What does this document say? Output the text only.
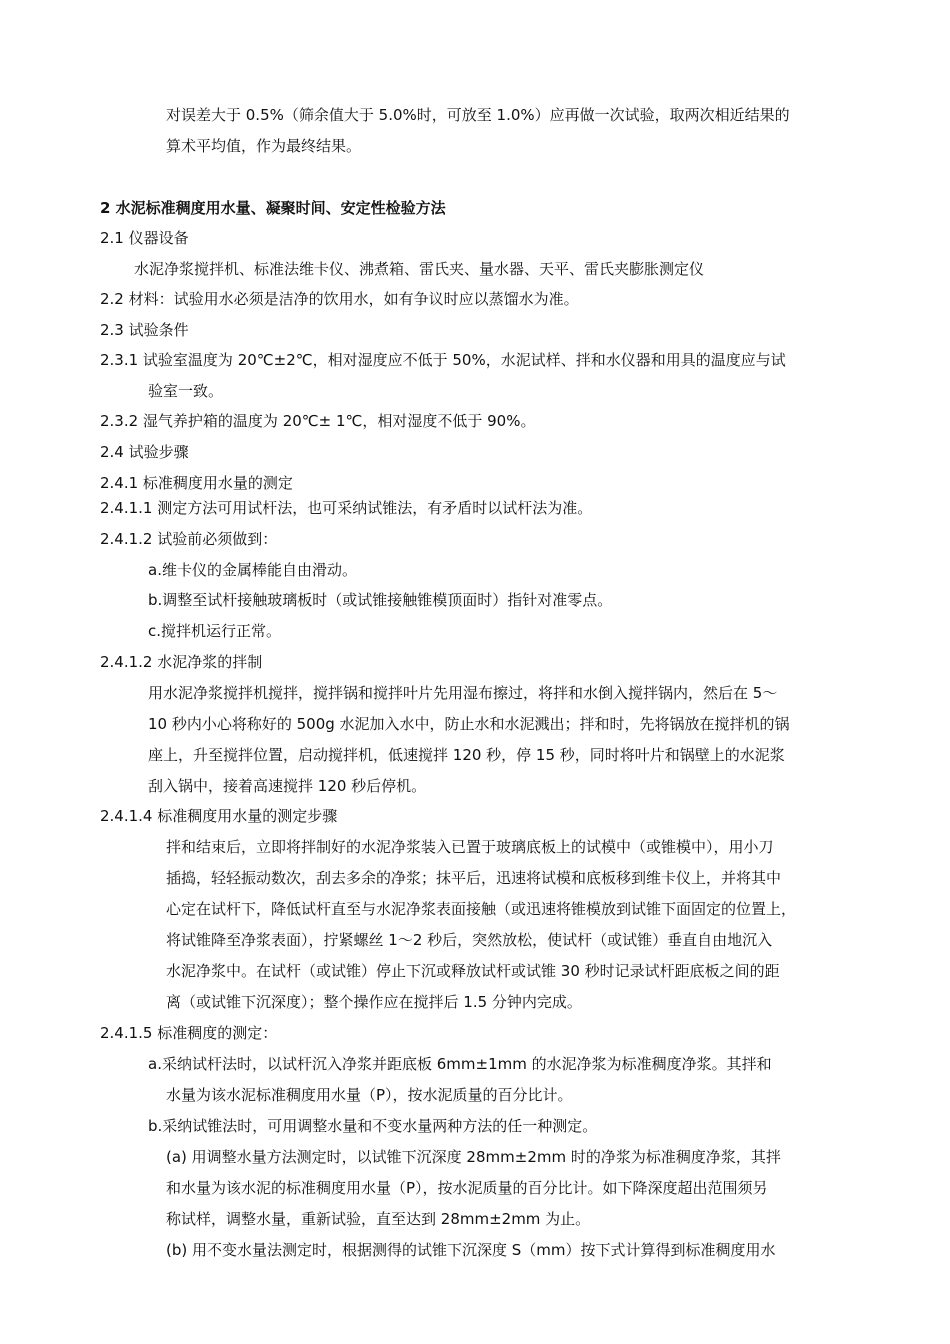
对误差大于 0.5%（筛余值大于 5.0%时，可放至 1.0%）应再做一次试验，取两次相近结果的
算术平均值，作为最终结果。
2 水泥标准稠度用水量、凝聚时间、安定性检验方法
2.1 仪器设备
水泥净浆搅拌机、标准法维卡仪、沸煮箱、雷氏夹、量水器、天平、雷氏夹膨胀测定仪
2.2 材料：试验用水必须是洁净的饮用水，如有争议时应以蒸馏水为准。
2.3 试验条件
2.3.1 试验室温度为 20℃±2℃，相对湿度应不低于 50%，水泥试样、拌和水仪器和用具的温度应与试
验室一致。
2.3.2 湿气养护箱的温度为 20℃± 1℃，相对湿度不低于 90%。
2.4 试验步骤
2.4.1 标准稠度用水量的测定
2.4.1.1 测定方法可用试杆法，也可采纳试锥法，有矛盾时以试杆法为准。
2.4.1.2 试验前必须做到：
a.维卡仪的金属棒能自由滑动。
b.调整至试杆接触玻璃板时（或试锥接触锥模顶面时）指针对准零点。
c.搅拌机运行正常。
2.4.1.2 水泥净浆的拌制
用水泥净浆搅拌机搅拌，搅拌锅和搅拌叶片先用湿布擦过，将拌和水倒入搅拌锅内，然后在 5～
10 秒内小心将称好的 500g 水泥加入水中，防止水和水泥溅出；拌和时，先将锅放在搅拌机的锅
座上，升至搅拌位置，启动搅拌机，低速搅拌 120 秒，停 15 秒，同时将叶片和锅壁上的水泥浆
刮入锅中，接着高速搅拌 120 秒后停机。
2.4.1.4 标准稠度用水量的测定步骤
拌和结束后，立即将拌制好的水泥净浆装入已置于玻璃底板上的试模中（或锥模中），用小刀
插捣，轻轻振动数次，刮去多余的净浆；抹平后，迅速将试模和底板移到维卡仪上，并将其中
心定在试杆下，降低试杆直至与水泥净浆表面接触（或迅速将锥模放到试锥下面固定的位置上，
将试锥降至净浆表面），拧紧螺丝 1～2 秒后，突然放松，使试杆（或试锥）垂直自由地沉入
水泥净浆中。在试杆（或试锥）停止下沉或释放试杆或试锥 30 秒时记录试杆距底板之间的距
离（或试锥下沉深度）；整个操作应在搅拌后 1.5 分钟内完成。
2.4.1.5 标准稠度的测定：
a.采纳试杆法时，以试杆沉入净浆并距底板 6mm±1mm 的水泥净浆为标准稠度净浆。其拌和
水量为该水泥标准稠度用水量（P），按水泥质量的百分比计。
b.采纳试锥法时，可用调整水量和不变水量两种方法的任一种测定。
(a) 用调整水量方法测定时，以试锥下沉深度 28mm±2mm 时的净浆为标准稠度净浆，其拌
和水量为该水泥的标准稠度用水量（P），按水泥质量的百分比计。如下降深度超出范围须另
称试样，调整水量，重新试验，直至达到 28mm±2mm 为止。
(b) 用不变水量法测定时，根据测得的试锥下沉深度 S（mm）按下式计算得到标准稠度用水
